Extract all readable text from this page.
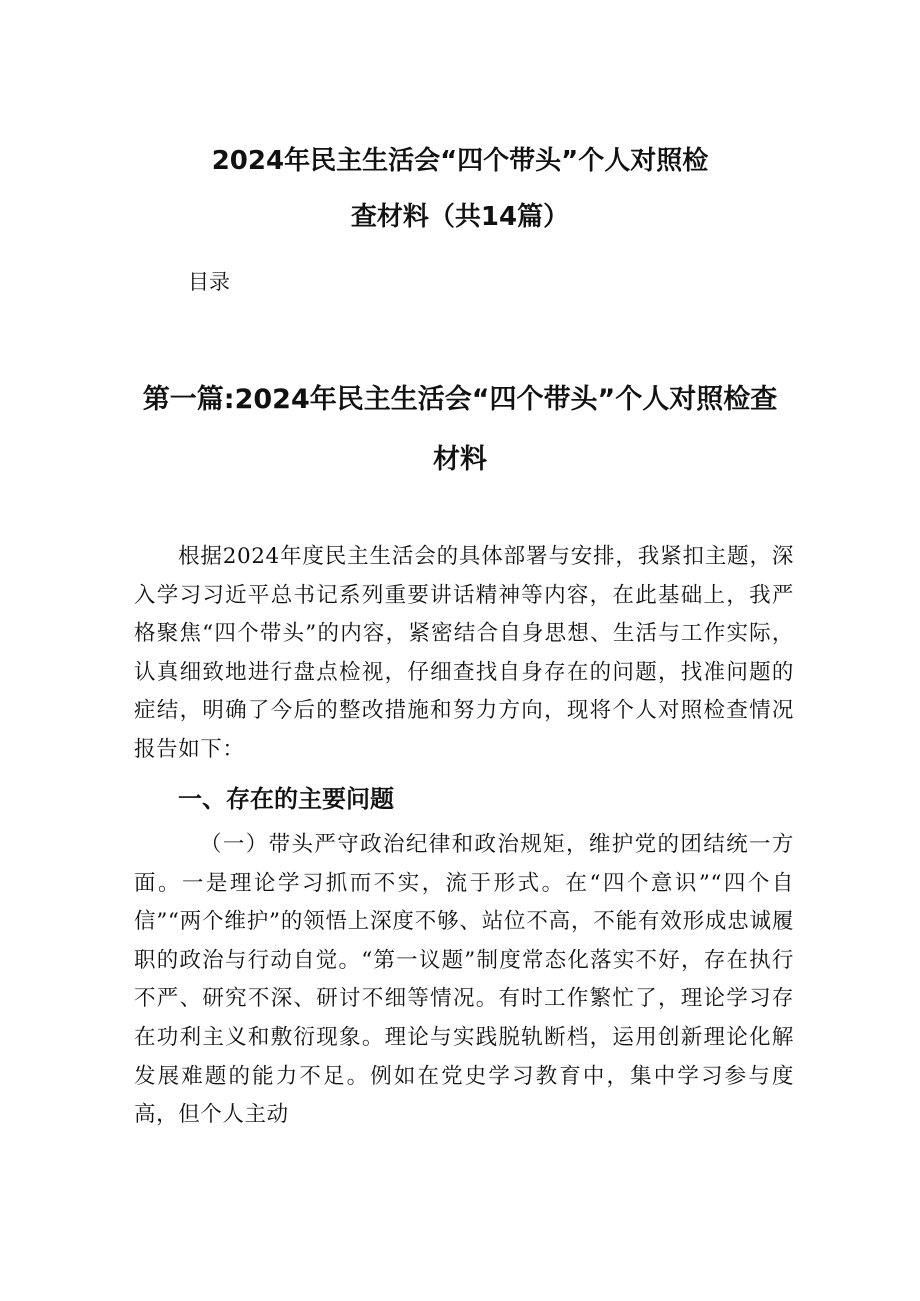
2024年民主生活会“四个带头”个人对照检
查材料（共14篇）
目录
第一篇:2024年民主生活会“四个带头”个人对照检查
材料
根据2024年度民主生活会的具体部署与安排，我紧扣主题，深入学习习近平总书记系列重要讲话精神等内容，在此基础上，我严格聚焦“四个带头”的内容，紧密结合自身思想、生活与工作实际，认真细致地进行盘点检视，仔细查找自身存在的问题，找准问题的症结，明确了今后的整改措施和努力方向，现将个人对照检查情况报告如下：
一、存在的主要问题
（一）带头严守政治纪律和政治规矩，维护党的团结统一方面。一是理论学习抓而不实，流于形式。在“四个意识”“四个自信”“两个维护”的领悟上深度不够、站位不高，不能有效形成忠诚履职的政治与行动自觉。“第一议题”制度常态化落实不好，存在执行不严、研究不深、研讨不细等情况。有时工作繁忙了，理论学习存在功利主义和敷衍现象。理论与实践脱轨断档，运用创新理论化解发展难题的能力不足。例如在党史学习教育中，集中学习参与度高，但个人主动
